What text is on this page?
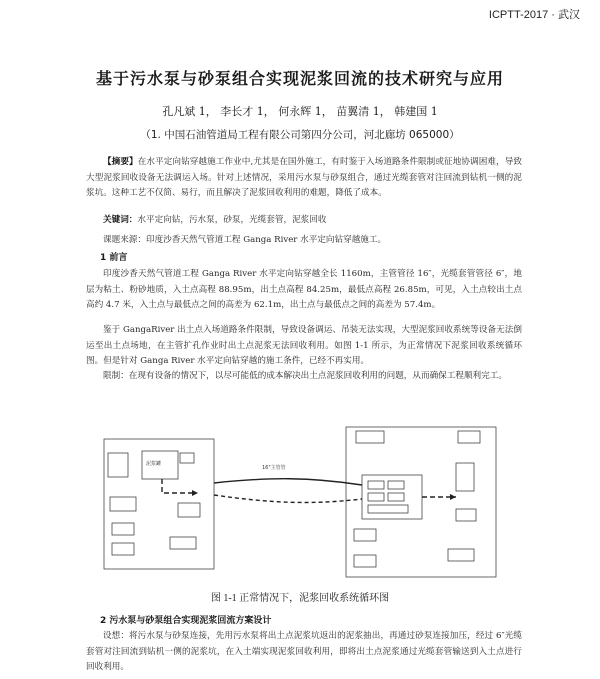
ICPTT-2017 · 武汉
基于污水泵与砂泵组合实现泥浆回流的技术研究与应用
孔凡斌 1， 李长才 1， 何永辉 1， 苗翼清 1， 韩建国 1
（1. 中国石油管道局工程有限公司第四分公司，河北廊坊 065000）
【摘要】在水平定向钻穿越施工作业中,尤其是在国外施工，有时鉴于入场道路条件限制或征地协调困难，导致大型泥浆回收设备无法调运入场。针对上述情况，采用污水泵与砂泵组合，通过光缆套管对注回流到钻机一侧的泥浆坑。这种工艺不仅简、易行，而且解决了泥浆回收利用的难题，降低了成本。
关键词：水平定向钻，污水泵，砂泵，光缆套管，泥浆回收
课题来源：印度沙香天然气管道工程 Ganga River 水平定向钻穿越施工。
1 前言
印度沙香天然气管道工程 Ganga River 水平定向钻穿越全长 1160m，主管管径 16″，光缆套管管径 6″，地层为粘土、粉砂地质，入土点高程 88.95m，出土点高程 84.25m，最低点高程 26.85m，可见，入土点较出土点高约 4.7 米，入土点与最低点之间的高差为 62.1m，出土点与最低点之间的高差为 57.4m。
鉴于 GangaRiver 出土点入场道路条件限制，导致设备调运、吊装无法实现，大型泥浆回收系统等设备无法倒运至出土点场地，在主管扩孔作业时出土点泥浆无法回收利用。如图 1-1 所示，为正常情况下泥浆回收系统循环图。但是针对 Ganga River 水平定向钻穿越的施工条件，已经不再实用。
限制：在现有设备的情况下，以尽可能低的成本解决出土点泥浆回收利用的问题，从而确保工程顺利完工。
16"主管管
泥浆罐
图 1-1 正常情况下，泥浆回收系统循环图
2 污水泵与砂泵组合实现泥浆回流方案设计
设想：将污水泵与砂泵连接，先用污水泵将出土点泥浆坑返出的泥浆抽出，再通过砂泵连接加压，经过 6″光缆套管对注回流到钻机一侧的泥浆坑，在入土端实现泥浆回收利用，即将出土点泥浆通过光缆套管输送到入土点进行回收利用。
